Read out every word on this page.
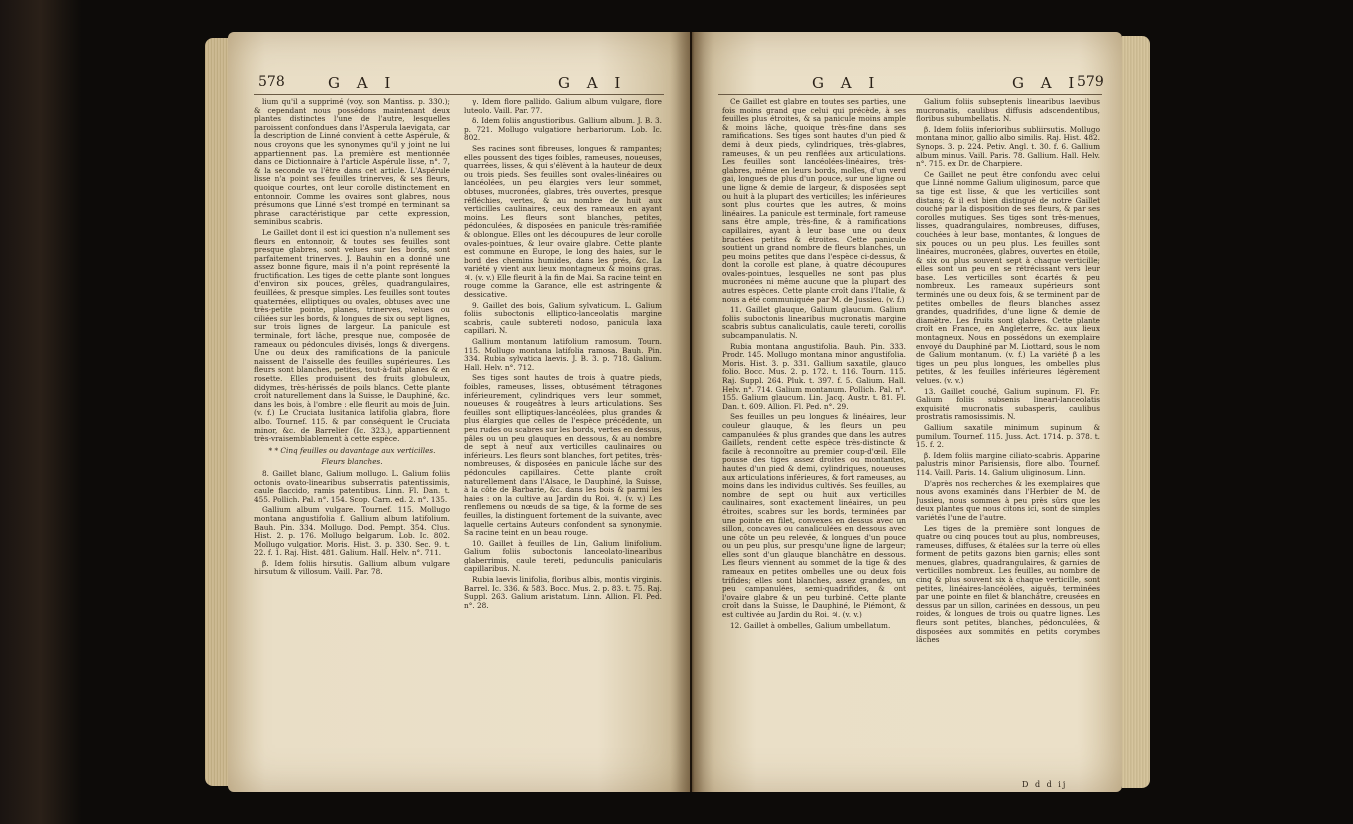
578	G A I	G A I

lium qu'il a supprimé (voy. son Mantiss. p. 330.); & cependant nous possédons maintenant deux plantes distinctes l'une de l'autre, lesquelles paroissent confondues dans l'Asperula laevigata, car la description de Linné convient à cette Aspérule, & nous croyons que les synonymes qu'il y joint ne lui appartiennent pas. La première est mentionnée dans ce Dictionnaire à l'article Aspérule lisse, n°. 7, & la seconde va l'être dans cet article. L'Aspérule lisse n'a point ses feuilles trinerves, & ses fleurs, quoique courtes, ont leur corolle distinctement en entonnoir. Comme les ovaires sont glabres, nous présumons que Linné s'est trompé en terminant sa phrase caractéristique par cette expression, seminibus scabris.

Le Gaillet dont il est ici question n'a nullement ses fleurs en entonnoir, & toutes ses feuilles sont presque glabres, sont velues sur les bords, sont parfaitement trinerves. J. Bauhin en a donné une assez bonne figure, mais il n'a point représenté la fructification. Les tiges de cette plante sont longues d'environ six pouces, grêles, quadrangulaires, feuillées, & presque simples. Les feuilles sont toutes quaternées, elliptiques ou ovales, obtuses avec une très-petite pointe, planes, trinerves, velues ou ciliées sur les bords, & longues de six ou sept lignes, sur trois lignes de largeur. La panicule est terminale, fort lâche, presque nue, composée de rameaux ou pédoncules divisés, longs & divergens. Une ou deux des ramifications de la panicule naissent de l'aisselle des feuilles supérieures. Les fleurs sont blanches, petites, tout-à-fait planes & en rosette. Elles produisent des fruits globuleux, didymes, très-hérissés de poils blancs. Cette plante croît naturellement dans la Suisse, le Dauphiné, &c. dans les bois, à l'ombre : elle fleurit au mois de Juin. (v. f.) Le Cruciata lusitanica latifolia glabra, flore albo. Tournef. 115. & par conséquent le Cruciata minor, &c. de Barrelier (Ic. 323.), appartiennent très-vraisemblablement à cette espèce.

* * Cinq feuilles ou davantage aux verticilles.

Fleurs blanches.

8. Gaillet blanc, Galium mollugo. L. Galium foliis octonis ovato-linearibus subserratis patentissimis, caule flaccido, ramis patentibus. Linn. Fl. Dan. t. 455. Pollich. Pal. n°. 154. Scop. Carn. ed. 2. n°. 135.

Gallium album vulgare. Tournef. 115. Mollugo montana angustifolia f. Gallium album latifolium. Bauh. Pin. 334. Mollugo. Dod. Pempt. 354. Clus. Hist. 2. p. 176. Mollugo belgarum. Lob. Ic. 802. Mollugo vulgatior. Moris. Hist. 3. p. 330. Sec. 9. t. 22. f. 1. Raj. Hist. 481. Galium. Hall. Helv. n°. 711.

β. Idem foliis hirsutis. Gallium album vulgare hirsutum & villosum. Vaill. Par. 78.

γ. Idem flore pallido. Galium album vulgare, flore luteolo. Vaill. Par. 77.

δ. Idem foliis angustioribus. Gallium album. J. B. 3. p. 721. Mollugo vulgatiore herbariorum. Lob. Ic. 802.

Ses racines sont fibreuses, longues & rampantes; elles poussent des tiges foibles, rameuses, noueuses, quarrées, lisses, & qui s'élèvent à la hauteur de deux ou trois pieds. Ses feuilles sont ovales-linéaires ou lancéolées, un peu élargies vers leur sommet, obtuses, mucronées, glabres, très ouvertes, presque réfléchies, vertes, & au nombre de huit aux verticilles caulinaires, ceux des rameaux en ayant moins. Les fleurs sont blanches, petites, pédonculées, & disposées en panicule très-ramifiée & oblongue. Elles ont les découpures de leur corolle ovales-pointues, & leur ovaire glabre. Cette plante est commune en Europe, le long des haies, sur le bord des chemins humides, dans les prés, &c. La variété γ vient aux lieux montagneux & moins gras. ♃. (v. v.) Elle fleurit à la fin de Mai. Sa racine teint en rouge comme la Garance, elle est astringente & dessicative.

9. Gaillet des bois, Galium sylvaticum. L. Galium foliis suboctonis elliptico-lanceolatis margine scabris, caule subtereti nodoso, panicula laxa capillari. N.

Gallium montanum latifolium ramosum. Tourn. 115. Mollugo montana latifolia ramosa. Bauh. Pin. 334. Rubia sylvatica laevis. J. B. 3. p. 718. Galium. Hall. Helv. n°. 712.

Ses tiges sont hautes de trois à quatre pieds, foibles, rameuses, lisses, obtusément tétragones inférieurement, cylindriques vers leur sommet, noueuses & rougeâtres à leurs articulations. Ses feuilles sont elliptiques-lancéolées, plus grandes & plus élargies que celles de l'espèce précédente, un peu rudes ou scabres sur les bords, vertes en dessus, pâles ou un peu glauques en dessous, & au nombre de sept à neuf aux verticilles caulinaires ou inférieurs. Les fleurs sont blanches, fort petites, très-nombreuses, & disposées en panicule lâche sur des pédoncules capillaires. Cette plante croît naturellement dans l'Alsace, le Dauphiné, la Suisse, à la côte de Barbarie, &c. dans les bois & parmi les haies : on la cultive au Jardin du Roi. ♃. (v. v.) Les renflemens ou nœuds de sa tige, & la forme de ses feuilles, la distinguent fortement de la suivante, avec laquelle certains Auteurs confondent sa synonymie. Sa racine teint en un beau rouge.

10. Gaillet à feuilles de Lin, Galium linifolium. Galium foliis suboctonis lanceolato-linearibus glaberrimis, caule tereti, pedunculis panicularis capillaribus. N.

Rubia laevis linifolia, floribus albis, montis virginis. Barrel. Ic. 336. & 583. Bocc. Mus. 2. p. 83. t. 75. Raj. Suppl. 263. Galium aristatum. Linn. Allion. Fl. Ped. n°. 28.

G A I	G A I
579

Ce Gaillet est glabre en toutes ses parties, une fois moins grand que celui qui précède, à ses feuilles plus étroites, & sa panicule moins ample & moins lâche, quoique très-fine dans ses ramifications. Ses tiges sont hautes d'un pied & demi à deux pieds, cylindriques, très-glabres, rameuses, & un peu renflées aux articulations. Les feuilles sont lancéolées-linéaires, très-glabres, même en leurs bords, molles, d'un verd gai, longues de plus d'un pouce, sur une ligne ou une ligne & demie de largeur, & disposées sept ou huit à la plupart des verticilles; les inférieures sont plus courtes que les autres, & moins linéaires. La panicule est terminale, fort rameuse sans être ample, très-fine, & à ramifications capillaires, ayant à leur base une ou deux bractées petites & étroites. Cette panicule soutient un grand nombre de fleurs blanches, un peu moins petites que dans l'espèce ci-dessus, & dont la corolle est plane, à quatre découpures ovales-pointues, lesquelles ne sont pas plus mucronées ni même aucune que la plupart des autres espèces. Cette plante croît dans l'Italie, & nous a été communiquée par M. de Jussieu. (v. f.)

11. Gaillet glauque, Galium glaucum. Galium foliis suboctonis linearibus mucronatis margine scabris subtus canaliculatis, caule tereti, corollis subcampanulatis. N.

Rubia montana angustifolia. Bauh. Pin. 333. Prodr. 145. Mollugo montana minor angustifolia. Moris. Hist. 3. p. 331. Gallium saxatile, glauco folio. Bocc. Mus. 2. p. 172. t. 116. Tourn. 115. Raj. Suppl. 264. Pluk. t. 397. f. 5. Galium. Hall. Helv. n°. 714. Galium montanum. Pollich. Pal. n°. 155. Galium glaucum. Lin. Jacq. Austr. t. 81. Fl. Dan. t. 609. Allion. Fl. Ped. n°. 29.

Ses feuilles un peu longues & linéaires, leur couleur glauque, & les fleurs un peu campanulées & plus grandes que dans les autres Gaillets, rendent cette espèce très-distincte & facile à reconnoître au premier coup-d'œil. Elle pousse des tiges assez droites ou montantes, hautes d'un pied & demi, cylindriques, noueuses aux articulations inférieures, & fort rameuses, au moins dans les individus cultivés. Ses feuilles, au nombre de sept ou huit aux verticilles caulinaires, sont exactement linéaires, un peu étroites, scabres sur les bords, terminées par une pointe en filet, convexes en dessus avec un sillon, concaves ou canaliculées en dessous avec une côte un peu relevée, & longues d'un pouce ou un peu plus, sur presqu'une ligne de largeur; elles sont d'un glauque blanchâtre en dessous. Les fleurs viennent au sommet de la tige & des rameaux en petites ombelles une ou deux fois trifides; elles sont blanches, assez grandes, un peu campanulées, semi-quadrifides, & ont l'ovaire glabre & un peu turbiné. Cette plante croît dans la Suisse, le Dauphiné, le Piémont, & est cultivée au Jardin du Roi. ♃. (v. v.)

12. Gaillet à ombelles, Galium umbellatum.

Galium foliis subseptenis linearibus laevibus mucronatis, caulibus diffusis adscendentibus, floribus subumbellatis. N.

β. Idem foliis inferioribus subliirsutis. Mollugo montana minor, gallio albo similis. Raj. Hist. 482. Synops. 3. p. 224. Petiv. Angl. t. 30. f. 6. Gallium album minus. Vaill. Paris. 78. Gallium. Hall. Helv. n°. 715. ex Dr. de Charpiere.

Ce Gaillet ne peut être confondu avec celui que Linné nomme Galium uliginosum, parce que sa tige est lisse, & que les verticilles sont distans; & il est bien distingué de notre Gaillet couché par la disposition de ses fleurs, & par ses corolles mutiques. Ses tiges sont très-menues, lisses, quadrangulaires, nombreuses, diffuses, couchées à leur base, montantes, & longues de six pouces ou un peu plus. Les feuilles sont linéaires, mucronées, glabres, ouvertes en étoile, & six ou plus souvent sept à chaque verticille; elles sont un peu en se rétrécissant vers leur base. Les verticilles sont écartés & peu nombreux. Les rameaux supérieurs sont terminés une ou deux fois, & se terminent par de petites ombelles de fleurs blanches assez grandes, quadrifides, d'une ligne & demie de diamètre. Les fruits sont glabres. Cette plante croît en France, en Angleterre, &c. aux lieux montagneux. Nous en possédons un exemplaire envoyé du Dauphiné par M. Liottard, sous le nom de Galium montanum. (v. f.) La variété β a les tiges un peu plus longues, les ombelles plus petites, & les feuilles inférieures légèrement velues. (v. v.)

13. Gaillet couché, Galium supinum. Fl. Fr. Galium foliis subsenis lineari-lanceolatis exquisité mucronatis subasperis, caulibus prostratis ramosissimis. N.

Gallium saxatile minimum supinum & pumilum. Tournef. 115. Juss. Act. 1714. p. 378. t. 15. f. 2.

β. Idem foliis margine ciliato-scabris. Apparine palustris minor Parisiensis, flore albo. Tournef. 114. Vaill. Paris. 14. Galium uliginosum. Linn.

D'après nos recherches & les exemplaires que nous avons examinés dans l'Herbier de M. de Jussieu, nous sommes à peu près sûrs que les deux plantes que nous citons ici, sont de simples variétés l'une de l'autre.

Les tiges de la première sont longues de quatre ou cinq pouces tout au plus, nombreuses, rameuses, diffuses, & étalées sur la terre où elles forment de petits gazons bien garnis; elles sont menues, glabres, quadrangulaires, & garnies de verticilles nombreux. Les feuilles, au nombre de cinq & plus souvent six à chaque verticille, sont petites, linéaires-lancéolées, aiguës, terminées par une pointe en filet & blanchâtre, creusées en dessus par un sillon, carinées en dessous, un peu roides, & longues de trois ou quatre lignes. Les fleurs sont petites, blanches, pédonculées, & disposées aux sommités en petits corymbes lâches

D d d ij
